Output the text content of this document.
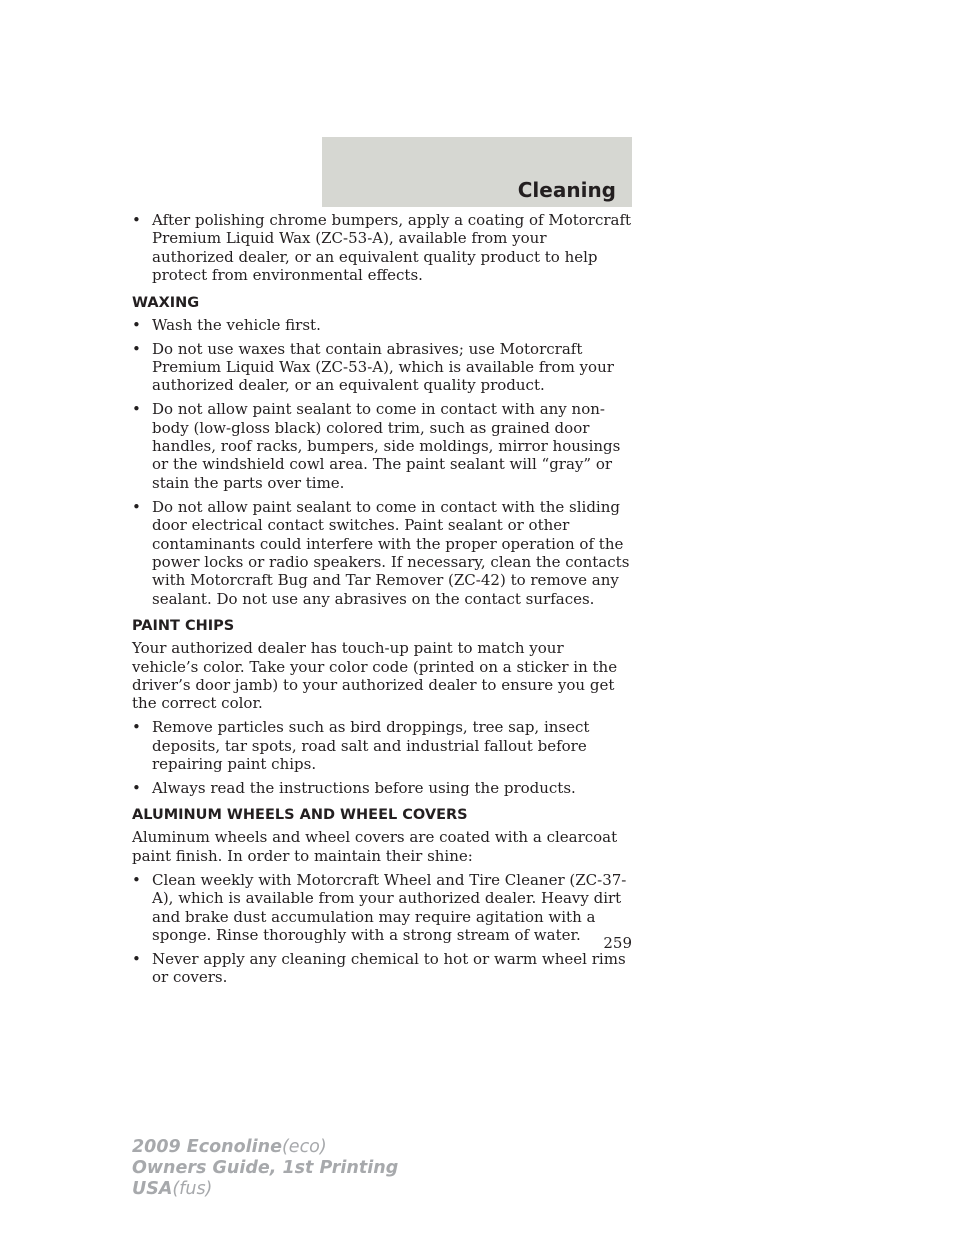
Cleaning
• After polishing chrome bumpers, apply a coating of Motorcraft Premium Liquid Wax (ZC-53-A), available from your authorized dealer, or an equivalent quality product to help protect from environmental effects.
WAXING
• Wash the vehicle first.
• Do not use waxes that contain abrasives; use Motorcraft Premium Liquid Wax (ZC-53-A), which is available from your authorized dealer, or an equivalent quality product.
• Do not allow paint sealant to come in contact with any non-body (low-gloss black) colored trim, such as grained door handles, roof racks, bumpers, side moldings, mirror housings or the windshield cowl area. The paint sealant will “gray” or stain the parts over time.
• Do not allow paint sealant to come in contact with the sliding door electrical contact switches. Paint sealant or other contaminants could interfere with the proper operation of the power locks or radio speakers. If necessary, clean the contacts with Motorcraft Bug and Tar Remover (ZC-42) to remove any sealant. Do not use any abrasives on the contact surfaces.
PAINT CHIPS
Your authorized dealer has touch-up paint to match your vehicle’s color. Take your color code (printed on a sticker in the driver’s door jamb) to your authorized dealer to ensure you get the correct color.
• Remove particles such as bird droppings, tree sap, insect deposits, tar spots, road salt and industrial fallout before repairing paint chips.
• Always read the instructions before using the products.
ALUMINUM WHEELS AND WHEEL COVERS
Aluminum wheels and wheel covers are coated with a clearcoat paint finish. In order to maintain their shine:
• Clean weekly with Motorcraft Wheel and Tire Cleaner (ZC-37-A), which is available from your authorized dealer. Heavy dirt and brake dust accumulation may require agitation with a sponge. Rinse thoroughly with a strong stream of water.
• Never apply any cleaning chemical to hot or warm wheel rims or covers.
259
2009 Econoline(eco)
Owners Guide, 1st Printing
USA(fus)
